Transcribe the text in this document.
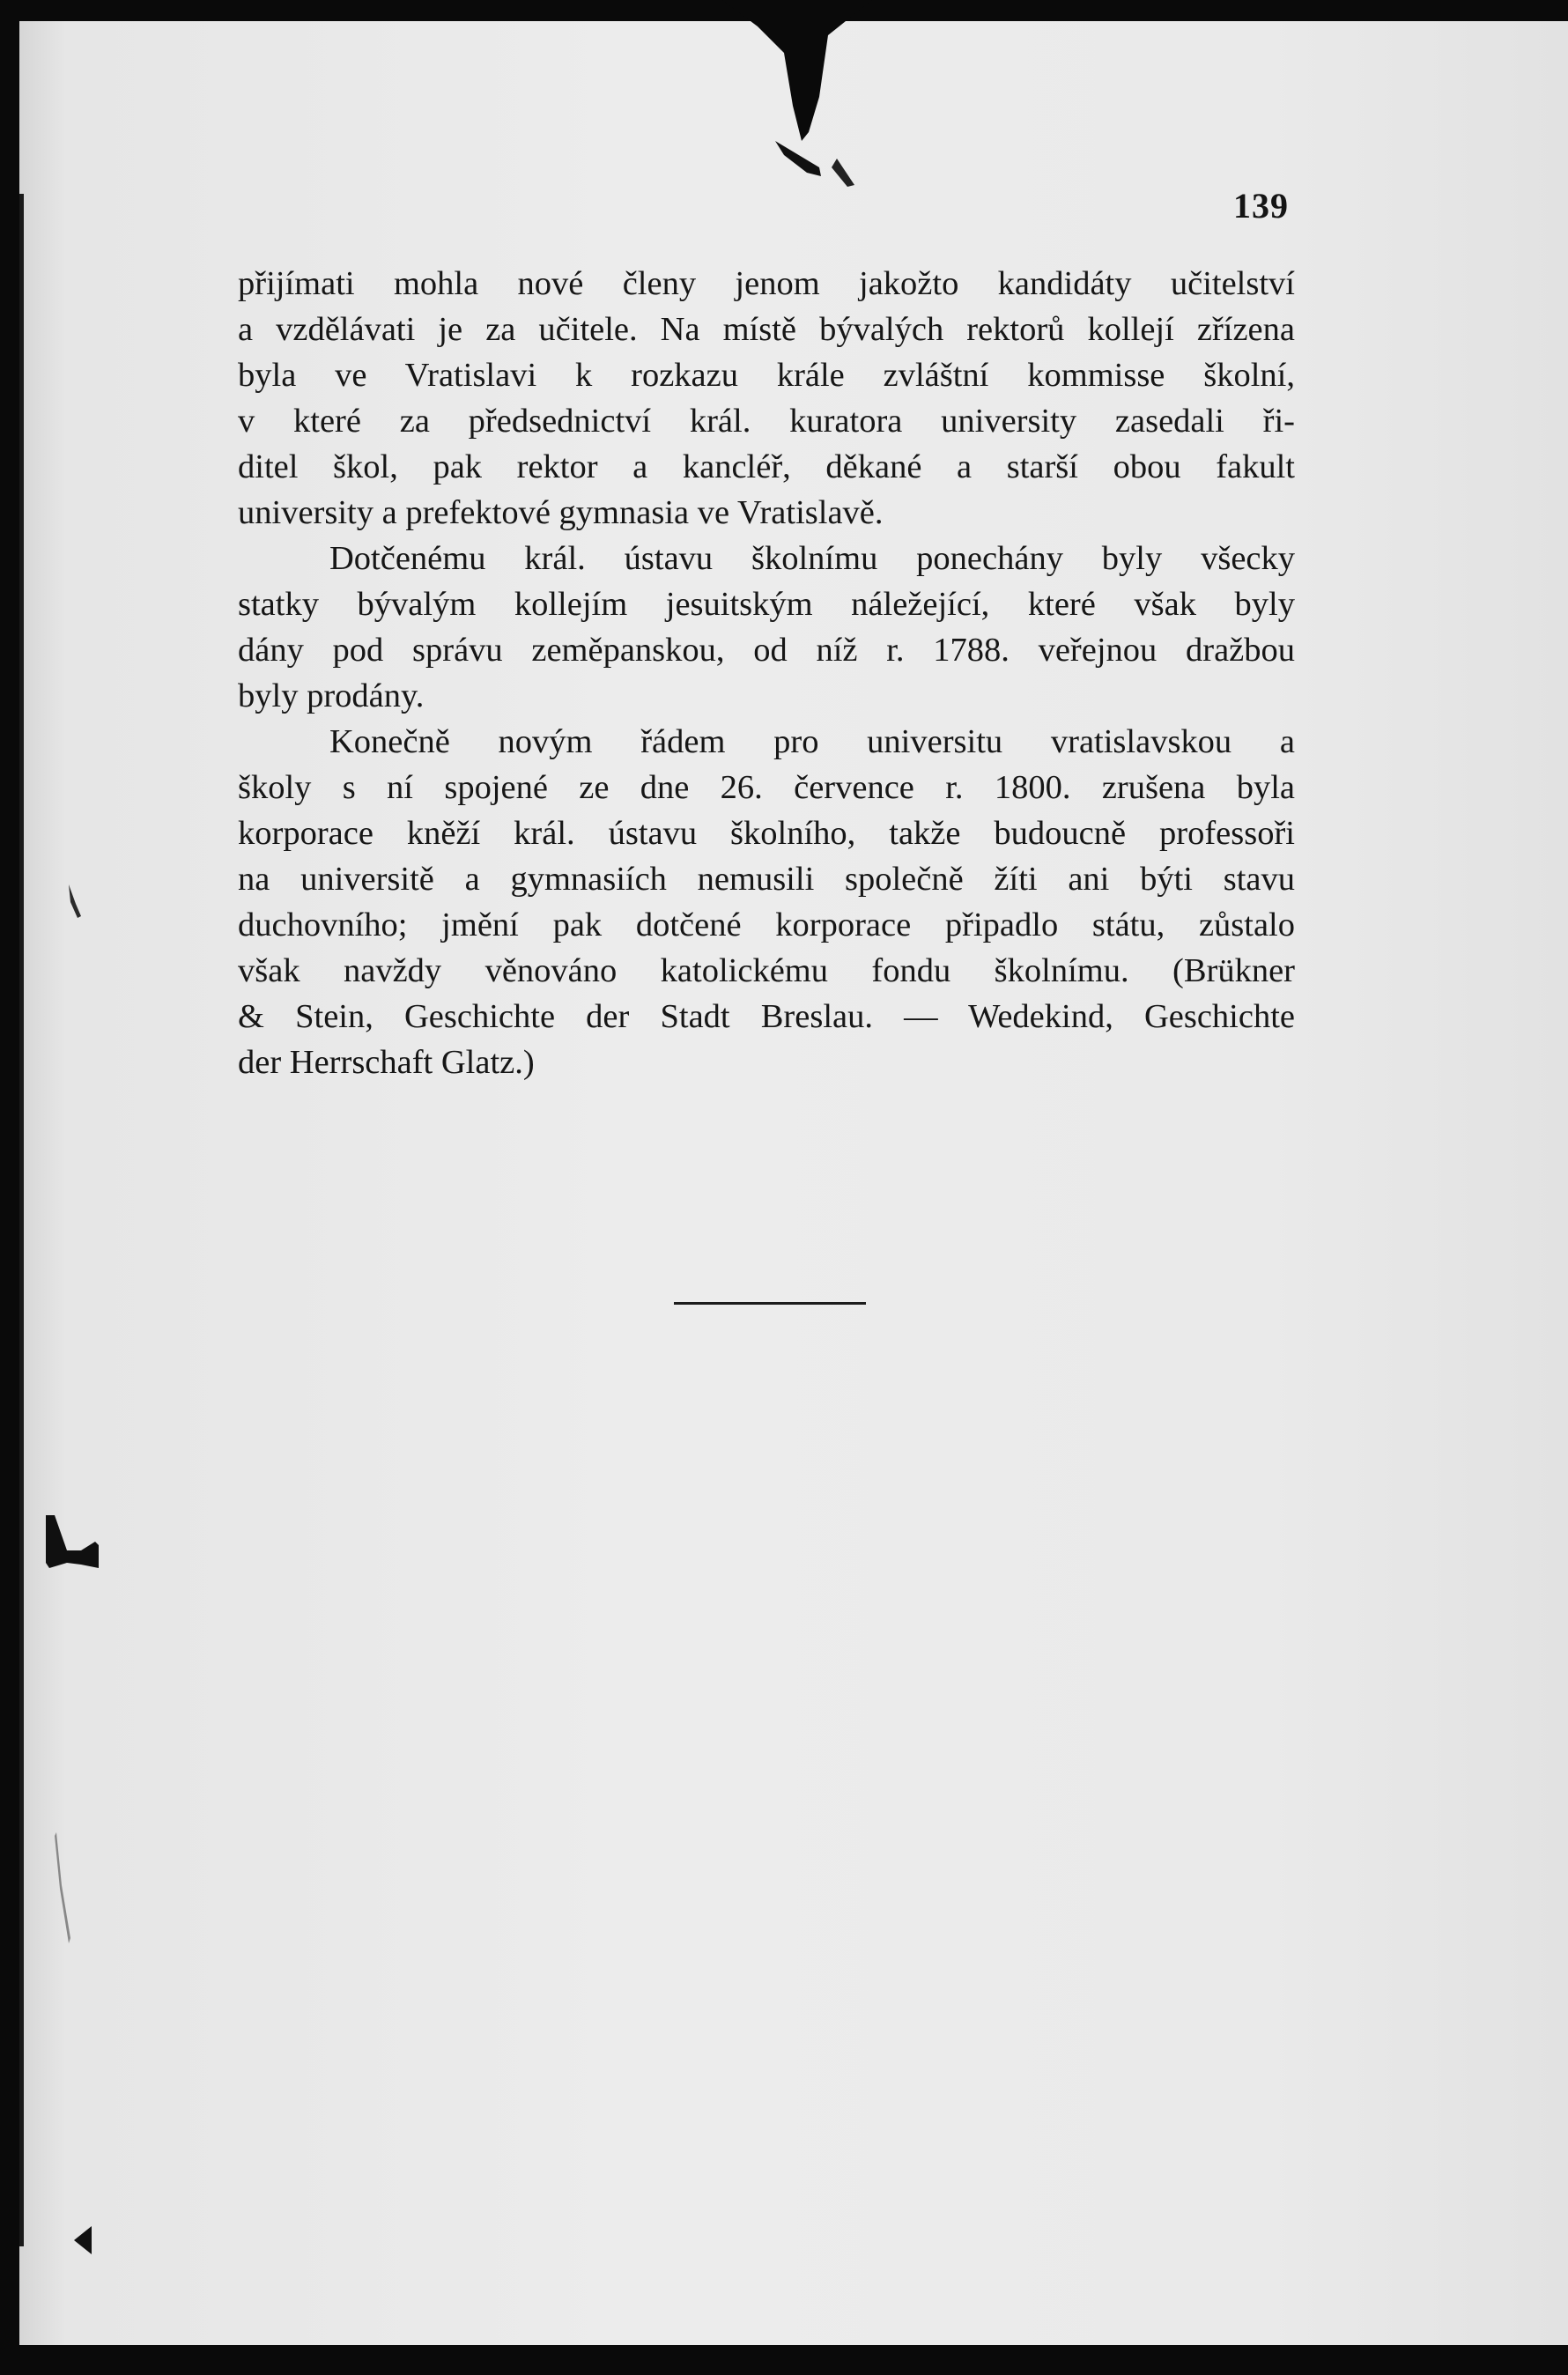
139
přijímati mohla nové členy jenom jakožto kandidáty učitelství
a vzdělávati je za učitele. Na místě bývalých rektorů kollejí zřízena
byla ve Vratislavi k rozkazu krále zvláštní kommisse školní,
v které za předsednictví král. kuratora university zasedali ři-
ditel škol, pak rektor a kancléř, děkané a starší obou fakult
university a prefektové gymnasia ve Vratislavě.
Dotčenému král. ústavu školnímu ponechány byly všecky
statky bývalým kollejím jesuitským náležející, které však byly
dány pod správu zeměpanskou, od níž r. 1788. veřejnou dražbou
byly prodány.
Konečně novým řádem pro universitu vratislavskou a
školy s ní spojené ze dne 26. července r. 1800. zrušena byla
korporace kněží král. ústavu školního, takže budoucně professoři
na universitě a gymnasiích nemusili společně žíti ani býti stavu
duchovního; jmění pak dotčené korporace připadlo státu, zůstalo
však navždy věnováno katolickému fondu školnímu. (Brükner
& Stein, Geschichte der Stadt Breslau. — Wedekind, Geschichte
der Herrschaft Glatz.)
